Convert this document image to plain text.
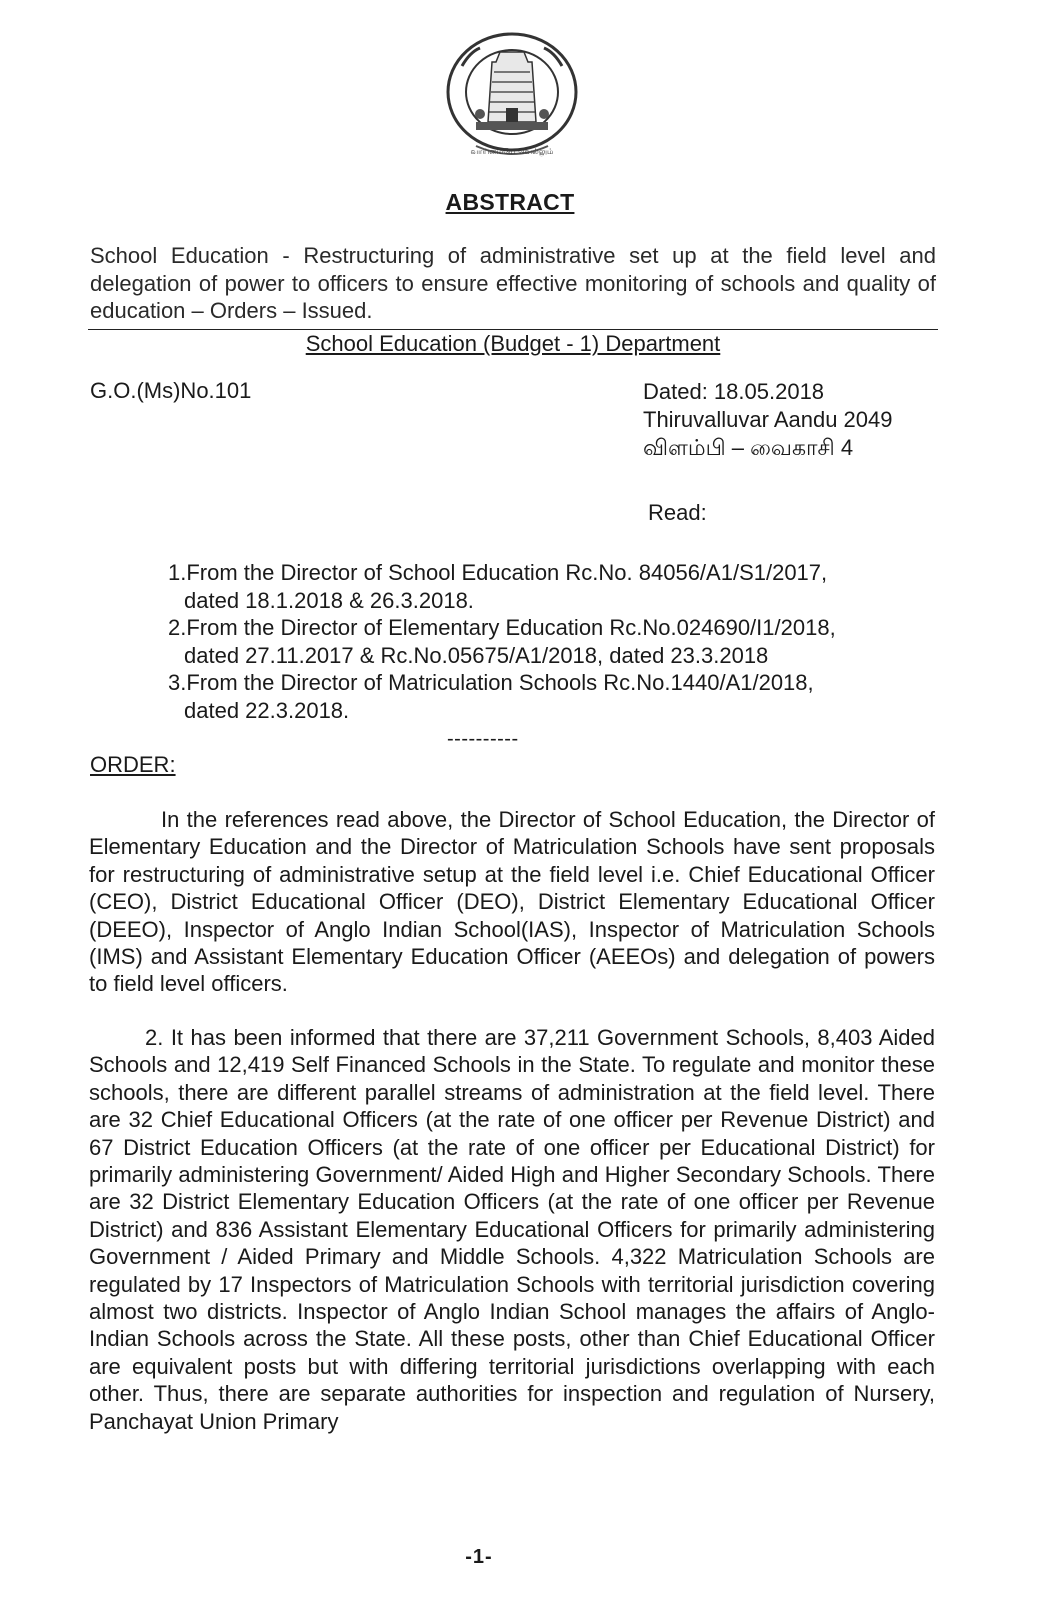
வாய்மையே வெல்லும்
ABSTRACT
School Education - Restructuring of administrative set up at the field level and delegation of power to officers to ensure effective monitoring of schools and quality of education – Orders – Issued.
School Education (Budget - 1) Department
G.O.(Ms)No.101	Dated: 18.05.2018
Thiruvalluvar Aandu 2049
விளம்பி – வைகாசி 4
Read:
1.From the Director of School Education Rc.No. 84056/A1/S1/2017,
dated 18.1.2018 & 26.3.2018.
2.From the Director of Elementary Education Rc.No.024690/I1/2018,
dated 27.11.2017 & Rc.No.05675/A1/2018, dated 23.3.2018
3.From the Director of Matriculation Schools Rc.No.1440/A1/2018,
dated 22.3.2018.
----------
ORDER:

In the references read above, the Director of School Education, the Director of Elementary Education and the Director of Matriculation Schools have sent proposals for restructuring of administrative setup at the field level i.e. Chief Educational Officer (CEO), District Educational Officer (DEO), District Elementary Educational Officer (DEEO), Inspector of Anglo Indian School(IAS), Inspector of Matriculation Schools (IMS) and Assistant Elementary Education Officer (AEEOs) and delegation of powers to field level officers.

2. It has been informed that there are 37,211 Government Schools, 8,403 Aided Schools and 12,419 Self Financed Schools in the State. To regulate and monitor these schools, there are different parallel streams of administration at the field level. There are 32 Chief Educational Officers (at the rate of one officer per Revenue District) and 67 District Education Officers (at the rate of one officer per Educational District) for primarily administering Government/ Aided High and Higher Secondary Schools. There are 32 District Elementary Education Officers (at the rate of one officer per Revenue District) and 836 Assistant Elementary Educational Officers for primarily administering Government / Aided Primary and Middle Schools. 4,322 Matriculation Schools are regulated by 17 Inspectors of Matriculation Schools with territorial jurisdiction covering almost two districts. Inspector of Anglo Indian School manages the affairs of Anglo-Indian Schools across the State. All these posts, other than Chief Educational Officer are equivalent posts but with differing territorial jurisdictions overlapping with each other. Thus, there are separate authorities for inspection and regulation of Nursery, Panchayat Union Primary

-1-
